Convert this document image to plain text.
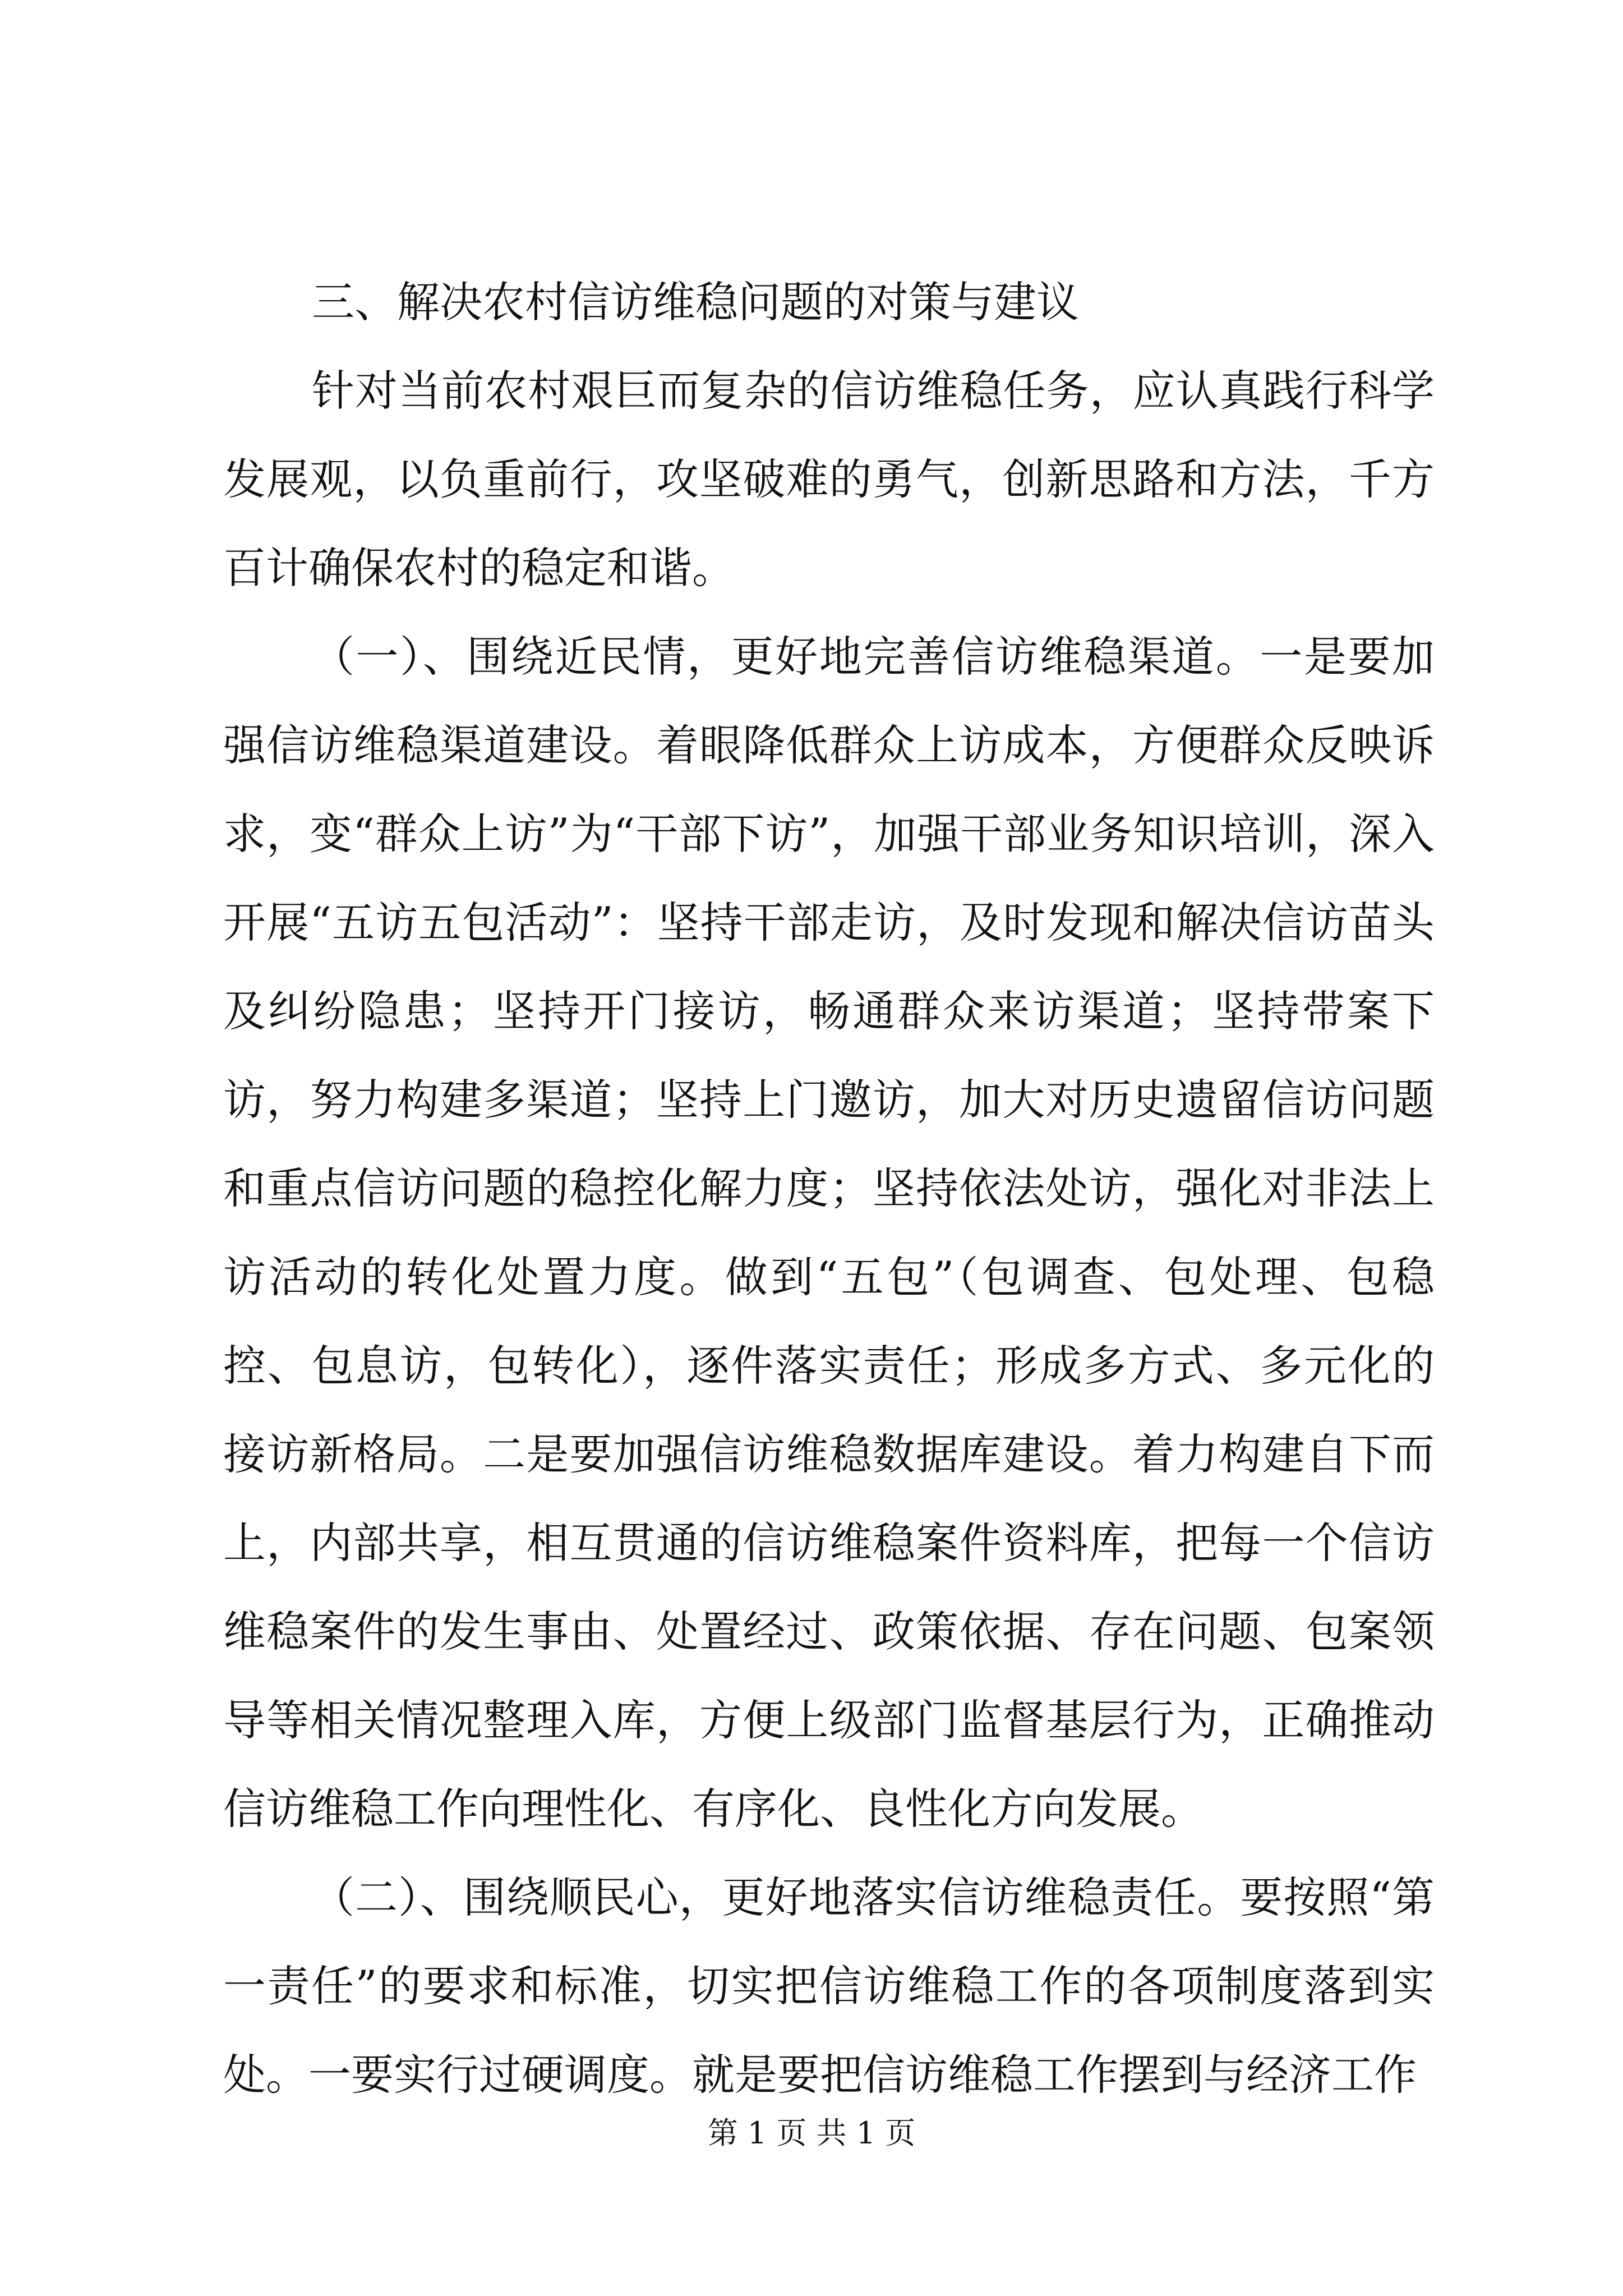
三、解决农村信访维稳问题的对策与建议

针对当前农村艰巨而复杂的信访维稳任务，应认真践行科学发展观，以负重前行，攻坚破难的勇气，创新思路和方法，千方百计确保农村的稳定和谐。

（一）、围绕近民情，更好地完善信访维稳渠道。一是要加强信访维稳渠道建设。着眼降低群众上访成本，方便群众反映诉求，变“群众上访”为“干部下访”，加强干部业务知识培训，深入开展“五访五包活动”：坚持干部走访，及时发现和解决信访苗头及纠纷隐患；坚持开门接访，畅通群众来访渠道；坚持带案下访，努力构建多渠道；坚持上门邀访，加大对历史遗留信访问题和重点信访问题的稳控化解力度；坚持依法处访，强化对非法上访活动的转化处置力度。做到“五包”（包调查、包处理、包稳控、包息访，包转化），逐件落实责任；形成多方式、多元化的接访新格局。二是要加强信访维稳数据库建设。着力构建自下而上，内部共享，相互贯通的信访维稳案件资料库，把每一个信访维稳案件的发生事由、处置经过、政策依据、存在问题、包案领导等相关情况整理入库，方便上级部门监督基层行为，正确推动信访维稳工作向理性化、有序化、良性化方向发展。

（二）、围绕顺民心，更好地落实信访维稳责任。要按照“第一责任”的要求和标准，切实把信访维稳工作的各项制度落到实处。一要实行过硬调度。就是要把信访维稳工作摆到与经济工作

第 1 页 共 1 页
